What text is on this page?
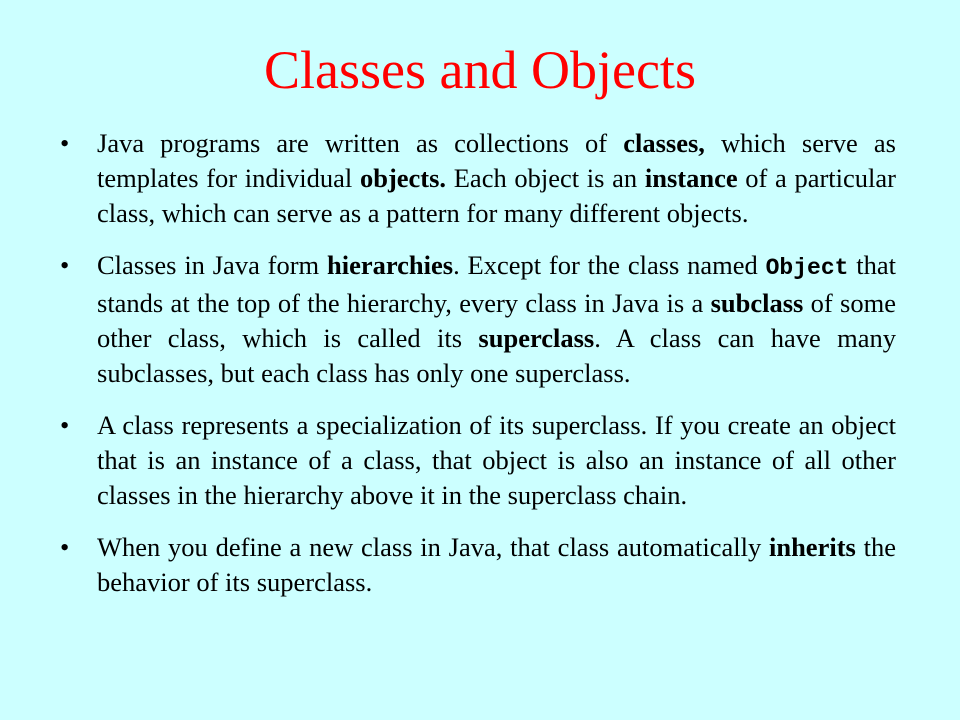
Classes and Objects
• Java programs are written as collections of classes, which serve as templates for individual objects. Each object is an instance of a particular class, which can serve as a pattern for many different objects.
• Classes in Java form hierarchies. Except for the class named Object that stands at the top of the hierarchy, every class in Java is a subclass of some other class, which is called its superclass. A class can have many subclasses, but each class has only one superclass.
• A class represents a specialization of its superclass. If you create an object that is an instance of a class, that object is also an instance of all other classes in the hierarchy above it in the superclass chain.
• When you define a new class in Java, that class automatically inherits the behavior of its superclass.
